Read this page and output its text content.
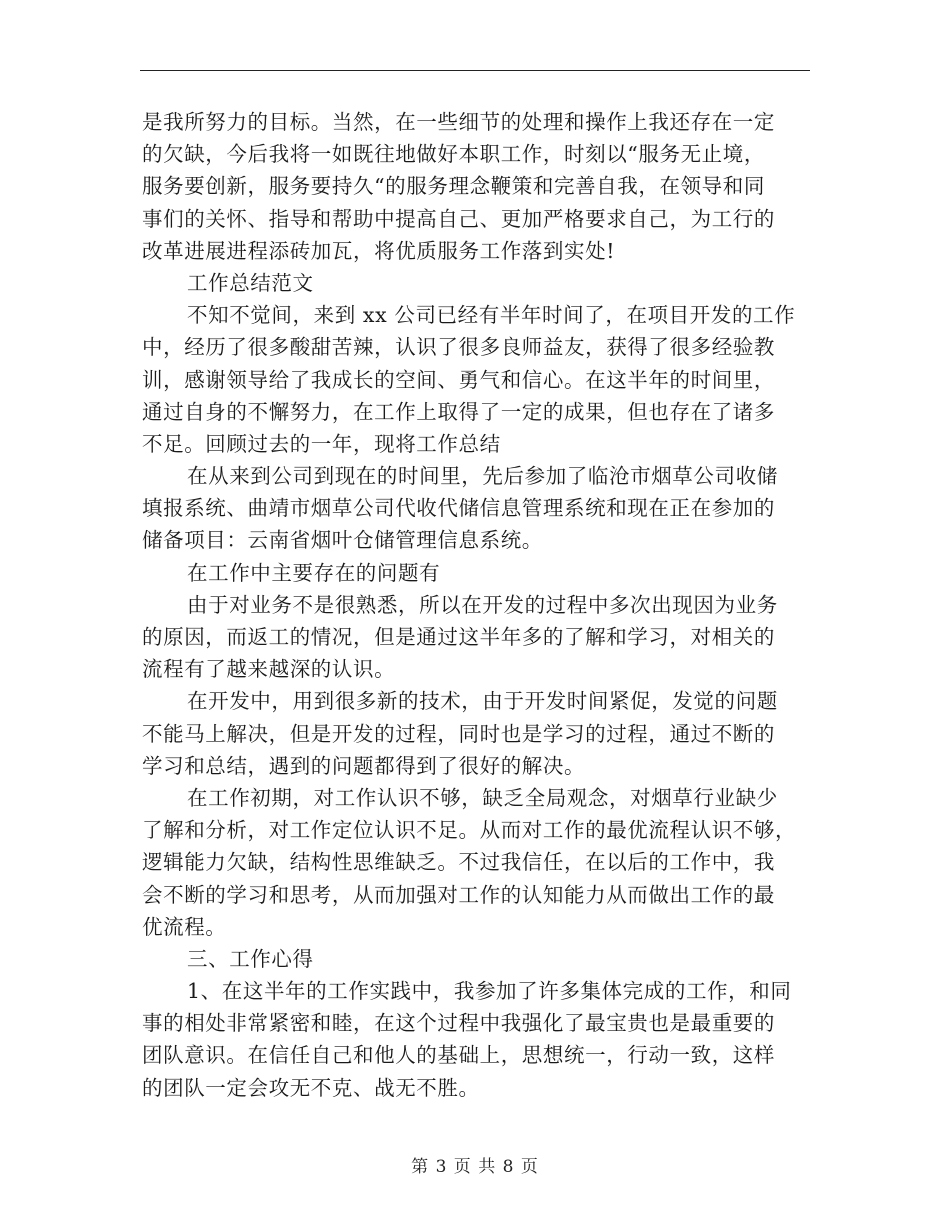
是我所努力的目标。当然，在一些细节的处理和操作上我还存在一定
的欠缺，今后我将一如既往地做好本职工作，时刻以“服务无止境，
服务要创新，服务要持久“的服务理念鞭策和完善自我，在领导和同
事们的关怀、指导和帮助中提高自己、更加严格要求自己，为工行的
改革进展进程添砖加瓦，将优质服务工作落到实处!
工作总结范文
不知不觉间，来到 xx 公司已经有半年时间了，在项目开发的工作
中，经历了很多酸甜苦辣，认识了很多良师益友，获得了很多经验教
训，感谢领导给了我成长的空间、勇气和信心。在这半年的时间里，
通过自身的不懈努力，在工作上取得了一定的成果，但也存在了诸多
不足。回顾过去的一年，现将工作总结
在从来到公司到现在的时间里，先后参加了临沧市烟草公司收储
填报系统、曲靖市烟草公司代收代储信息管理系统和现在正在参加的
储备项目：云南省烟叶仓储管理信息系统。
在工作中主要存在的问题有
由于对业务不是很熟悉，所以在开发的过程中多次出现因为业务
的原因，而返工的情况，但是通过这半年多的了解和学习，对相关的
流程有了越来越深的认识。
在开发中，用到很多新的技术，由于开发时间紧促，发觉的问题
不能马上解决，但是开发的过程，同时也是学习的过程，通过不断的
学习和总结，遇到的问题都得到了很好的解决。
在工作初期，对工作认识不够，缺乏全局观念，对烟草行业缺少
了解和分析，对工作定位认识不足。从而对工作的最优流程认识不够，
逻辑能力欠缺，结构性思维缺乏。不过我信任，在以后的工作中，我
会不断的学习和思考，从而加强对工作的认知能力从而做出工作的最
优流程。
三、工作心得
1、在这半年的工作实践中，我参加了许多集体完成的工作，和同
事的相处非常紧密和睦，在这个过程中我强化了最宝贵也是最重要的
团队意识。在信任自己和他人的基础上，思想统一，行动一致，这样
的团队一定会攻无不克、战无不胜。
第 3 页 共 8 页
